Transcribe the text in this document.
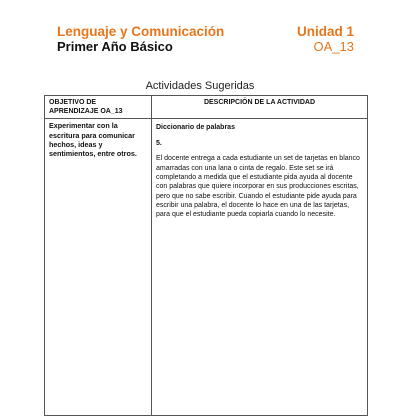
Lenguaje y Comunicación	Unidad 1
Primer Año Básico	OA_13
Actividades Sugeridas
OBJETIVO DE APRENDIZAJE OA_13	DESCRIPCIÓN DE LA ACTIVIDAD

Experimentar con la escritura para comunicar hechos, ideas y sentimientos, entre otros.	Diccionario de palabras
5.
El docente entrega a cada estudiante un set de tarjetas en blanco amarradas con una lana o cinta de regalo. Este set se irá completando a medida que el estudiante pida ayuda al docente con palabras que quiere incorporar en sus producciones escritas, pero que no sabe escribir. Cuando el estudiante pide ayuda para escribir una palabra, el docente lo hace en una de las tarjetas, para que el estudiante pueda copiarla cuando lo necesite.
